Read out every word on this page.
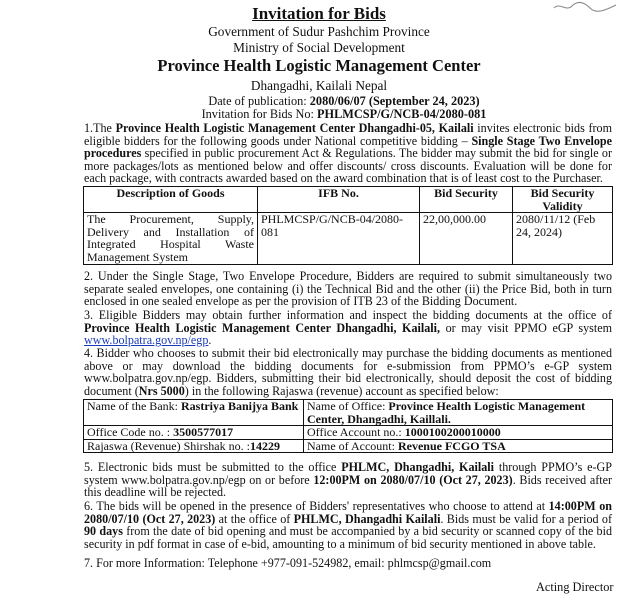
Invitation for Bids
Government of Sudur Pashchim Province
Ministry of Social Development
Province Health Logistic Management Center
Dhangadhi, Kailali Nepal
Date of publication: 2080/06/07 (September 24, 2023)
Invitation for Bids No: PHLMCSP/G/NCB-04/2080-081
1.The Province Health Logistic Management Center Dhangadhi-05, Kailali invites electronic bids from eligible bidders for the following goods under National competitive bidding – Single Stage Two Envelope procedures specified in public procurement Act & Regulations. The bidder may submit the bid for single or more packages/lots as mentioned below and offer discounts/ cross discounts. Evaluation will be done for each package, with contracts awarded based on the award combination that is of least cost to the Purchaser.
Description of Goods	IFB No.	Bid Security	Bid Security Validity
The Procurement, Supply, Delivery and Installation of Integrated Hospital Waste Management System	PHLMCSP/G/NCB-04/2080-081	22,00,000.00	2080/11/12 (Feb 24, 2024)
2. Under the Single Stage, Two Envelope Procedure, Bidders are required to submit simultaneously two separate sealed envelopes, one containing (i) the Technical Bid and the other (ii) the Price Bid, both in turn enclosed in one sealed envelope as per the provision of ITB 23 of the Bidding Document.
3. Eligible Bidders may obtain further information and inspect the bidding documents at the office of Province Health Logistic Management Center Dhangadhi, Kailali, or may visit PPMO eGP system www.bolpatra.gov.np/egp.
4. Bidder who chooses to submit their bid electronically may purchase the bidding documents as mentioned above or may download the bidding documents for e-submission from PPMO’s e-GP system www.bolpatra.gov.np/egp. Bidders, submitting their bid electronically, should deposit the cost of bidding document (Nrs 5000) in the following Rajaswa (revenue) account as specified below:
Name of the Bank: Rastriya Banijya Bank	Name of Office: Province Health Logistic Management Center, Dhangadhi, Kaillali.
Office Code no. : 3500577017	Office Account no.: 1000100200010000
Rajaswa (Revenue) Shirshak no. :14229	Name of Account: Revenue FCGO TSA
5. Electronic bids must be submitted to the office PHLMC, Dhangadhi, Kailali through PPMO’s e-GP system www.bolpatra.gov.np/egp on or before 12:00PM on 2080/07/10 (Oct 27, 2023). Bids received after this deadline will be rejected.
6. The bids will be opened in the presence of Bidders' representatives who choose to attend at 14:00PM on 2080/07/10 (Oct 27, 2023) at the office of PHLMC, Dhangadhi Kailali. Bids must be valid for a period of 90 days from the date of bid opening and must be accompanied by a bid security or scanned copy of the bid security in pdf format in case of e-bid, amounting to a minimum of bid security mentioned in above table.
7. For more Information: Telephone +977-091-524982, email: phlmcsp@gmail.com
Acting Director
